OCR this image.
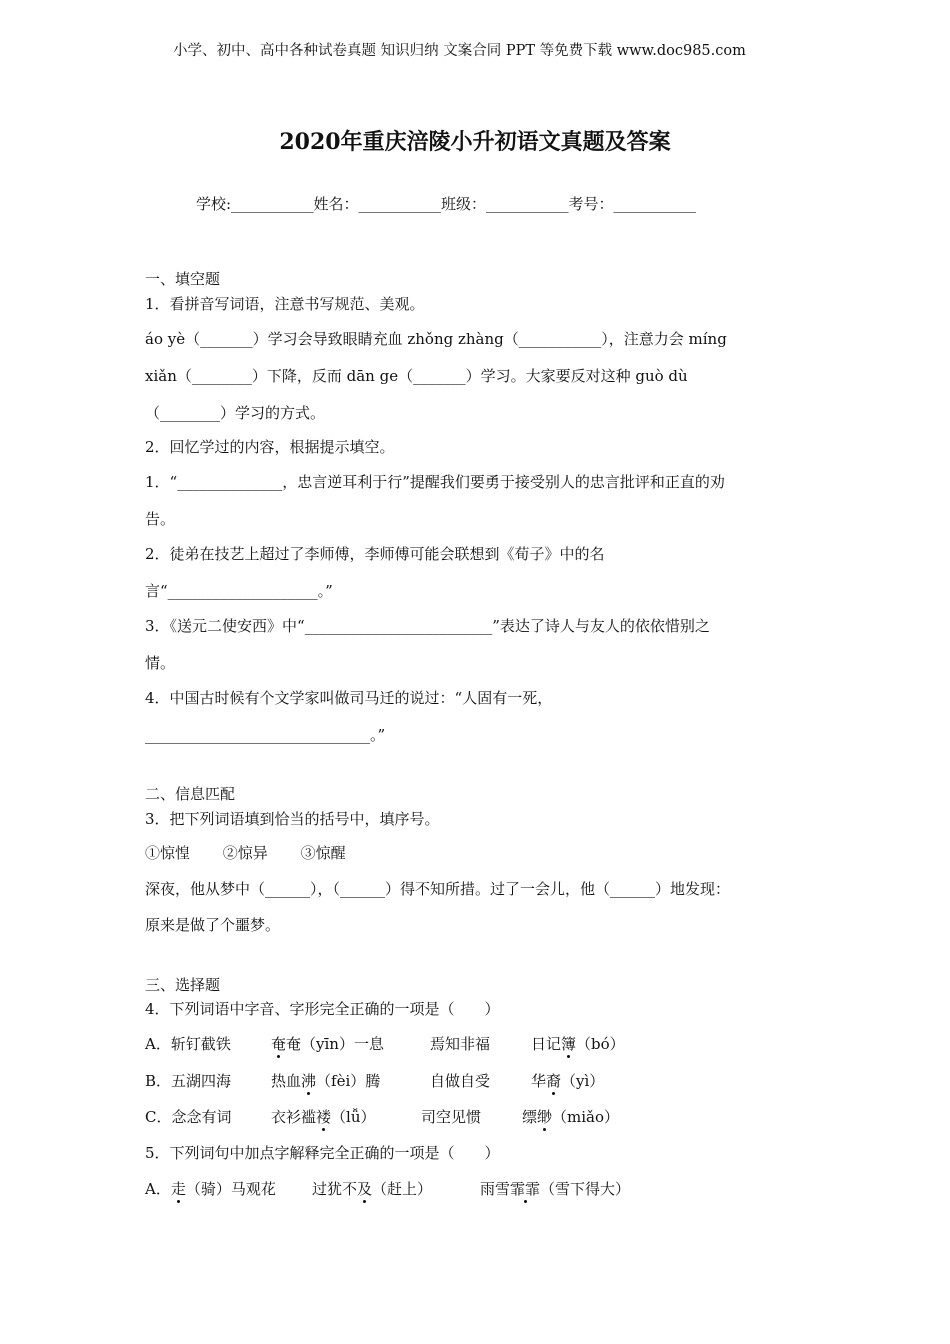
小学、初中、高中各种试卷真题 知识归纳 文案合同 PPT 等免费下载 www.doc985.com
2020年重庆涪陵小升初语文真题及答案
学校:___________姓名：___________班级：___________考号：___________
一、填空题
1．看拼音写词语，注意书写规范、美观。
áo yè（_______）学习会导致眼睛充血 zhǒng zhàng（___________），注意力会 míng
xiǎn（________）下降，反而 dān ge（_______）学习。大家要反对这种 guò dù
（________）学习的方式。
2．回忆学过的内容，根据提示填空。
1．“______________，忠言逆耳利于行”提醒我们要勇于接受别人的忠言批评和正直的劝
告。
2．徒弟在技艺上超过了李师傅，李师傅可能会联想到《荀子》中的名
言“____________________。”
3．《送元二使安西》中“_________________________”表达了诗人与友人的依依惜别之
情。
4．中国古时候有个文学家叫做司马迁的说过：“人固有一死，
______________________________。”
二、信息匹配
3．把下列词语填到恰当的括号中，填序号。
①惊惶 ②惊异 ③惊醒
深夜，他从梦中（______），（______）得不知所措。过了一会儿，他（______）地发现：
原来是做了个噩梦。
三、选择题
4．下列词语中字音、字形完全正确的一项是（　　）
A．斩钉截铁	奄奄（yīn）一息	焉知非福	日记簿（bó）
B．五湖四海	热血沸（fèi）腾	自做自受	华裔（yì）
C．念念有词	衣衫褴褛（lǚ）	司空见惯	缥缈（miǎo）
5．下列词句中加点字解释完全正确的一项是（　　）
A．走（骑）马观花 过犹不及（赶上）	雨雪霏霏（雪下得大）
